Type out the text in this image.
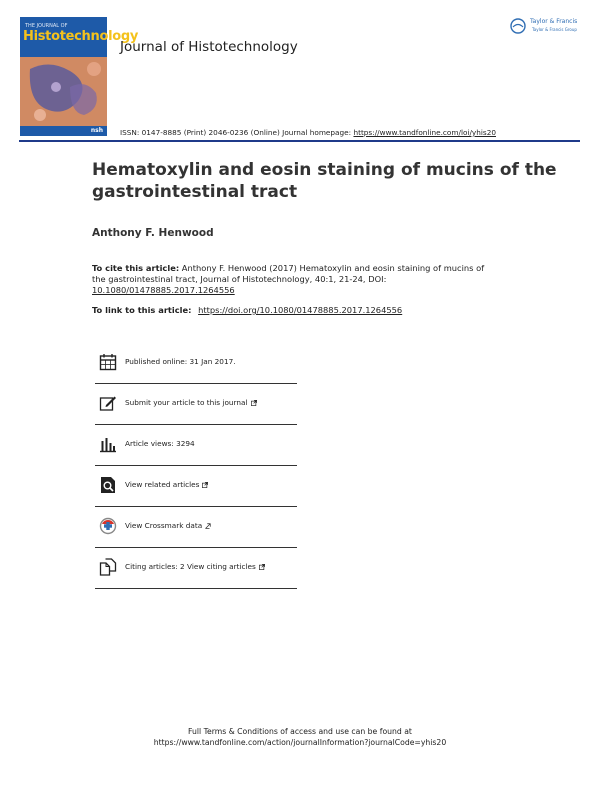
THE JOURNAL OF
Histotechnology
nsh
Journal of Histotechnology
Taylor & Francis
Taylor & Francis Group
ISSN: 0147-8885 (Print) 2046-0236 (Online) Journal homepage: https://www.tandfonline.com/loi/yhis20
Hematoxylin and eosin staining of mucins of the gastrointestinal tract
Anthony F. Henwood
To cite this article: Anthony F. Henwood (2017) Hematoxylin and eosin staining of mucins of the gastrointestinal tract, Journal of Histotechnology, 40:1, 21-24, DOI: 10.1080/01478885.2017.1264556
To link to this article: https://doi.org/10.1080/01478885.2017.1264556
Published online: 31 Jan 2017.
Submit your article to this journal
Article views: 3294
View related articles
View Crossmark data
Citing articles: 2 View citing articles
Full Terms & Conditions of access and use can be found at
https://www.tandfonline.com/action/journalInformation?journalCode=yhis20
